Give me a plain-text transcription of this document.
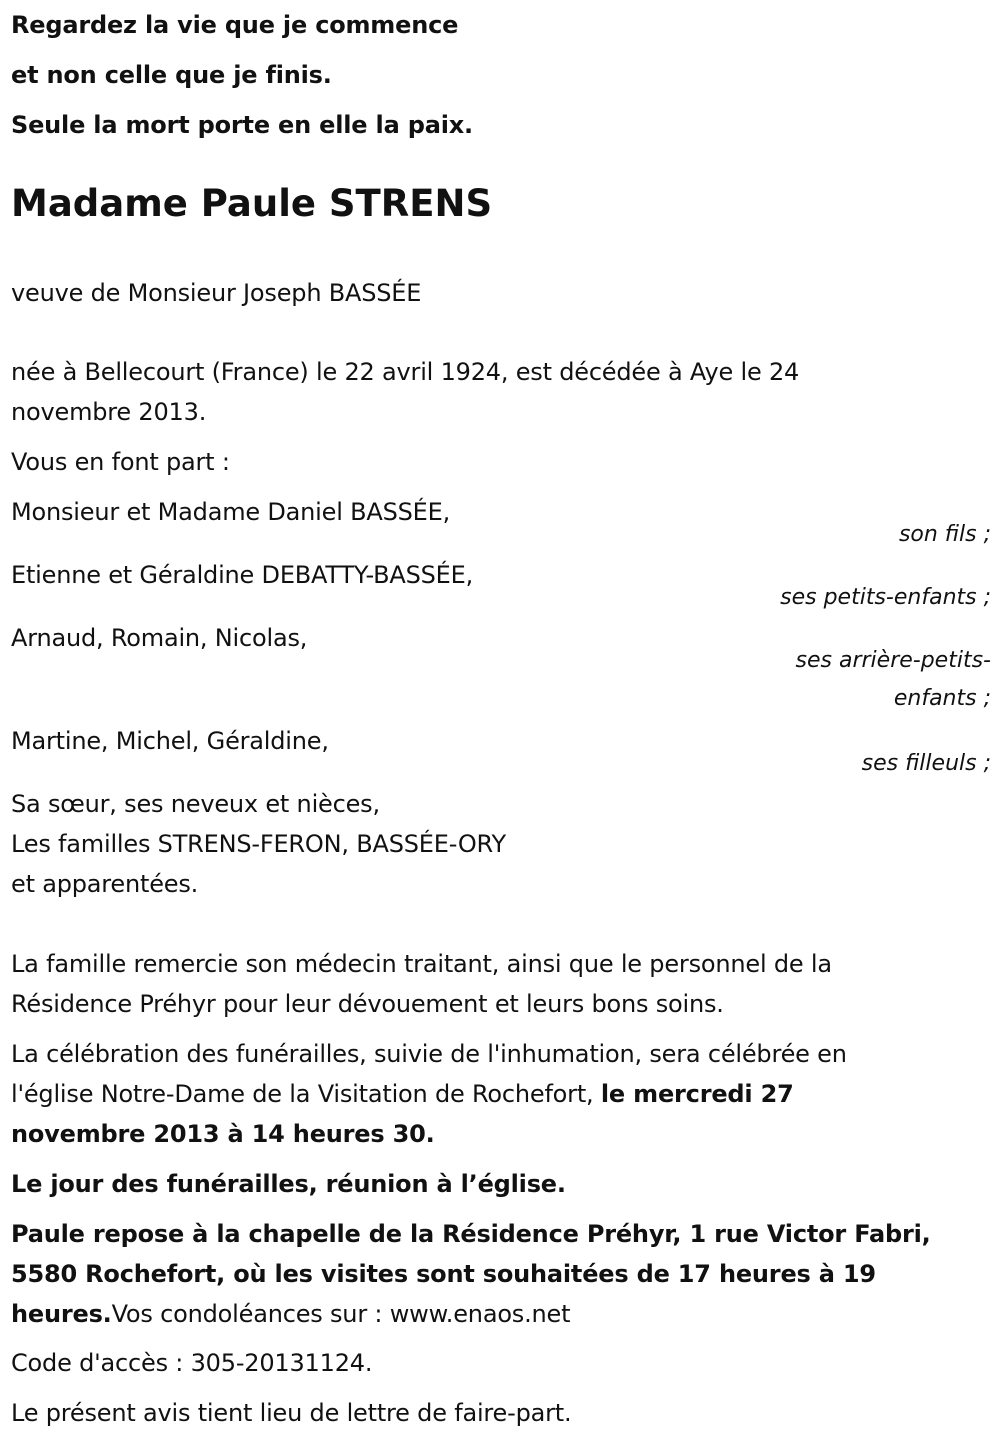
Regardez la vie que je commence
et non celle que je finis.
Seule la mort porte en elle la paix.
Madame Paule STRENS
veuve de Monsieur Joseph BASSÉE
née à Bellecourt (France) le 22 avril 1924, est décédée à Aye le 24
novembre 2013.
Vous en font part :
Monsieur et Madame Daniel BASSÉE,
son fils ;
Etienne et Géraldine DEBATTY-BASSÉE,
ses petits-enfants ;
Arnaud, Romain, Nicolas,
ses arrière-petits-enfants ;
Martine, Michel, Géraldine,
ses filleuls ;
Sa sœur, ses neveux et nièces,
Les familles STRENS-FERON, BASSÉE-ORY
et apparentées.
La famille remercie son médecin traitant, ainsi que le personnel de la
Résidence Préhyr pour leur dévouement et leurs bons soins.
La célébration des funérailles, suivie de l'inhumation, sera célébrée en
l'église Notre-Dame de la Visitation de Rochefort, le mercredi 27
novembre 2013 à 14 heures 30.
Le jour des funérailles, réunion à l’église.
Paule repose à la chapelle de la Résidence Préhyr, 1 rue Victor Fabri,
5580 Rochefort, où les visites sont souhaitées de 17 heures à 19
heures.Vos condoléances sur : www.enaos.net
Code d'accès : 305-20131124.
Le présent avis tient lieu de lettre de faire-part.
